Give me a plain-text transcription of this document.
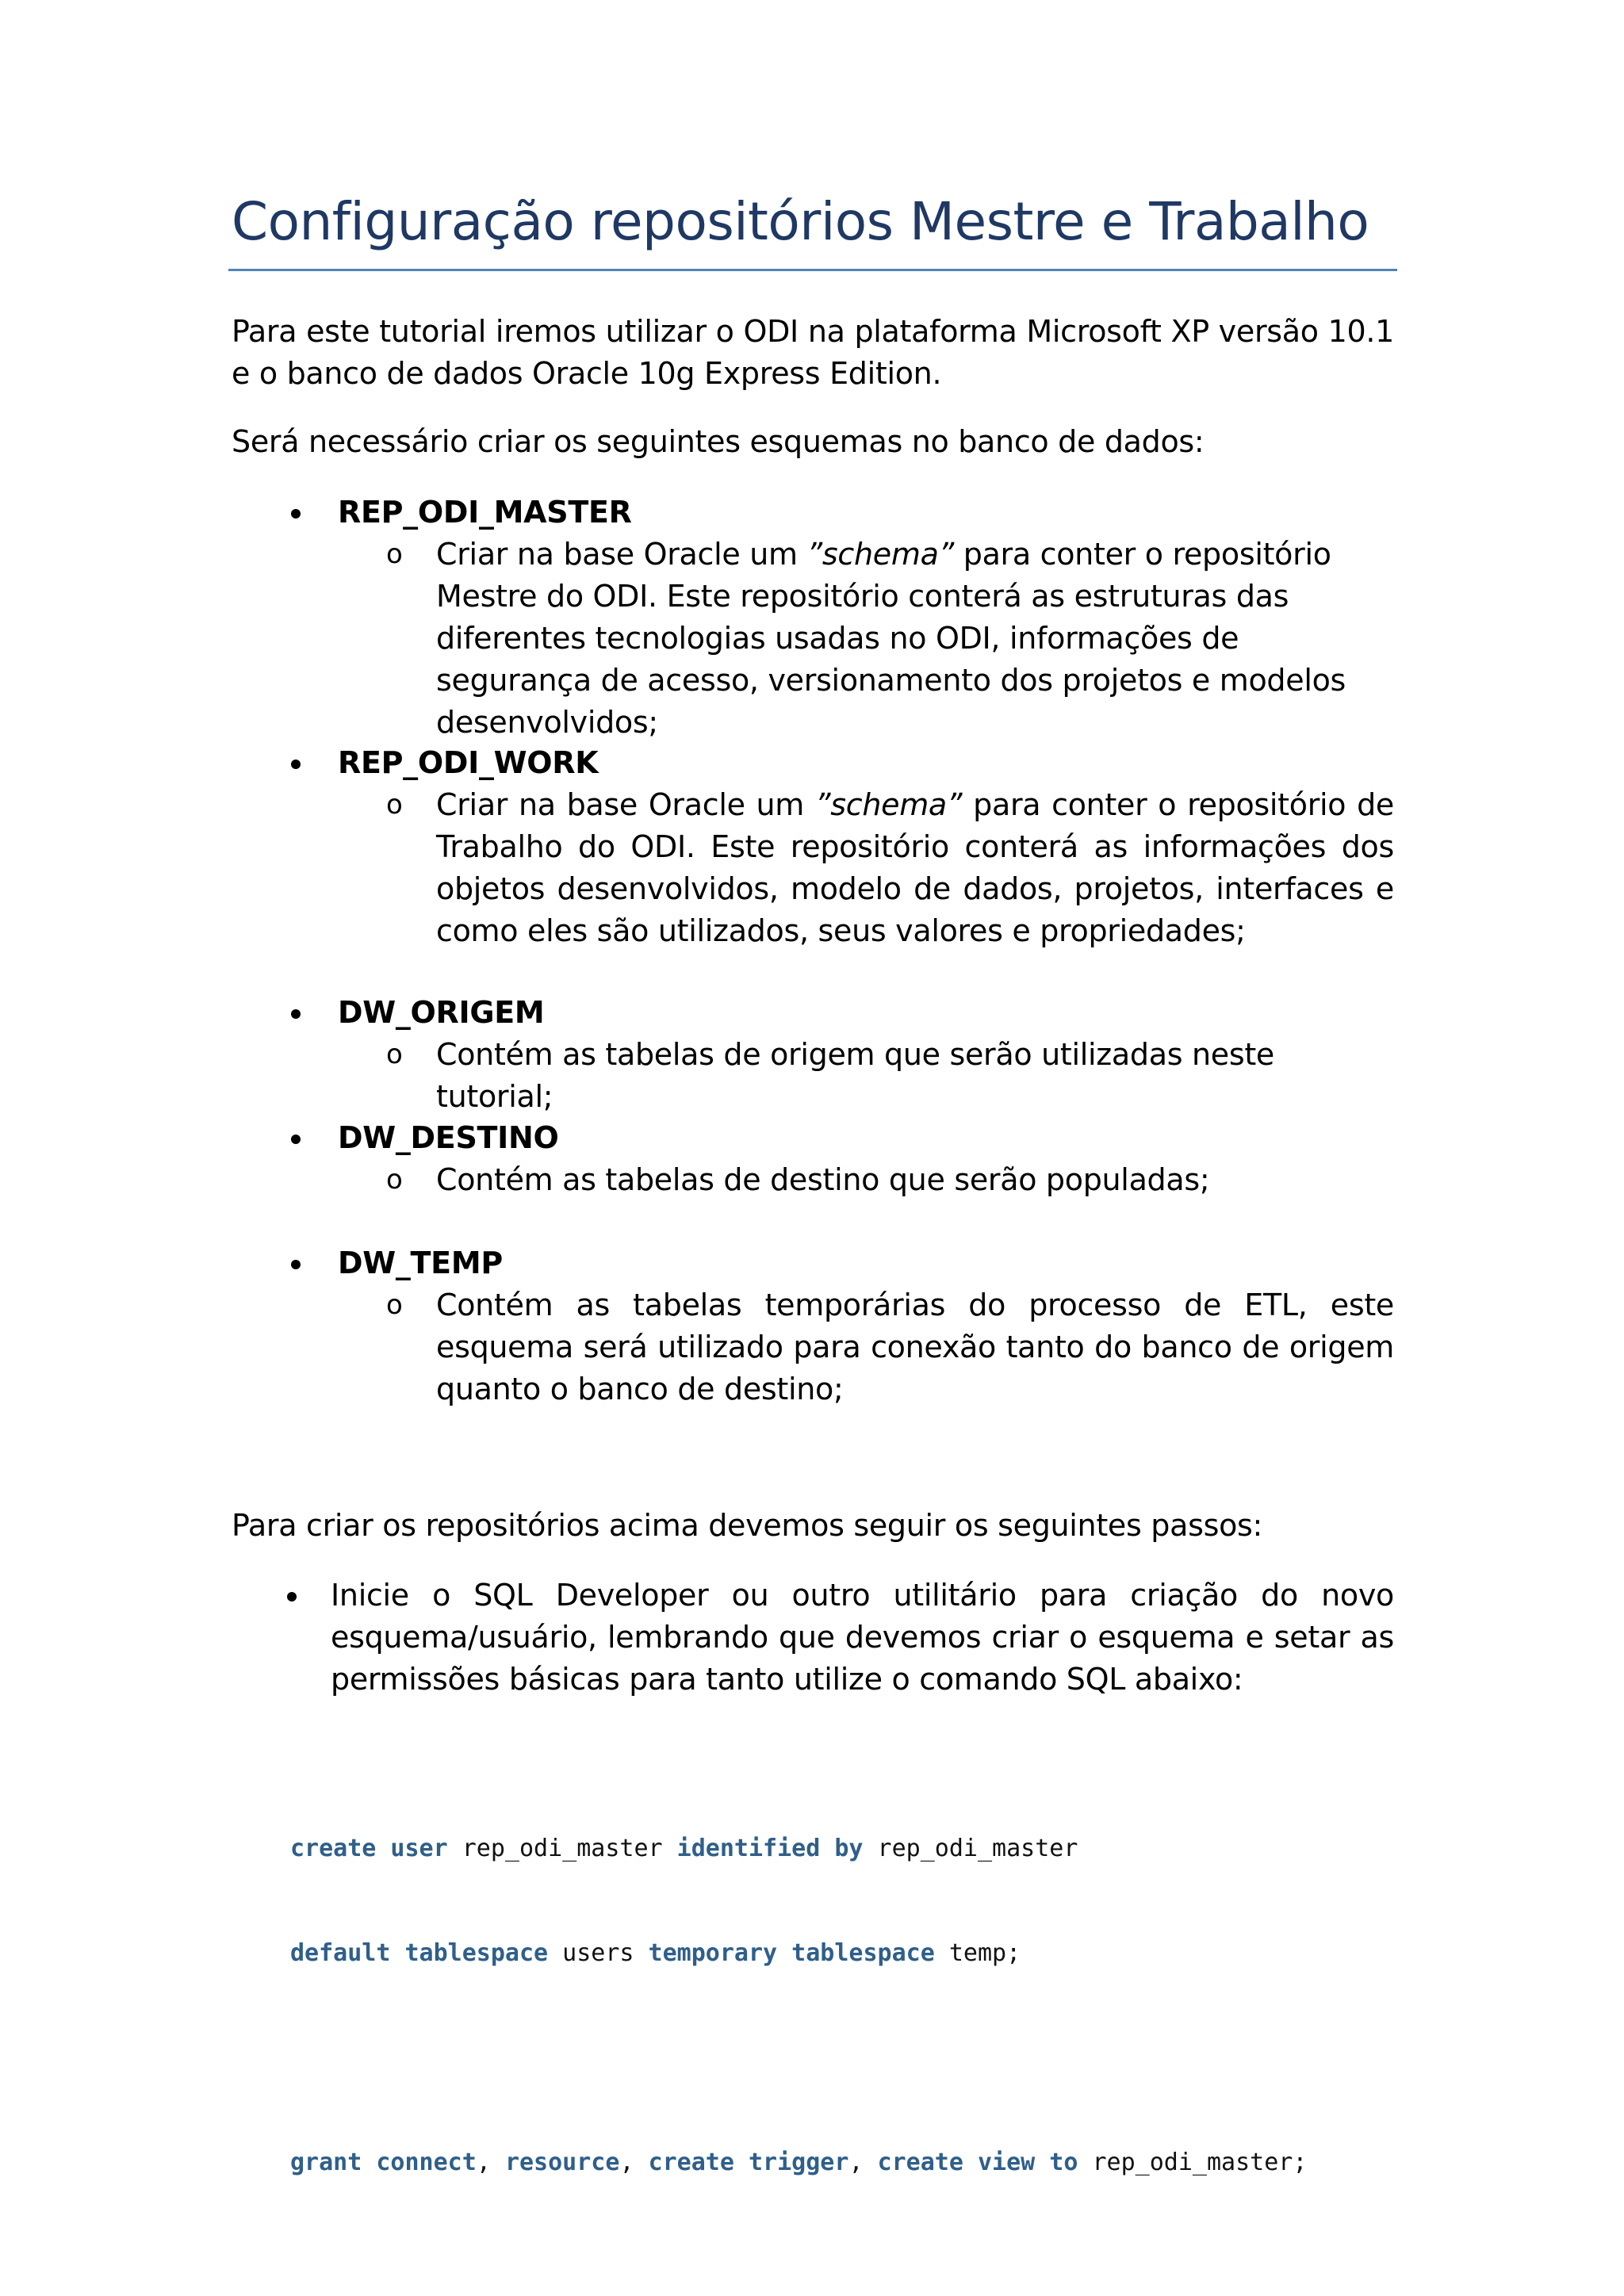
Configuração repositórios Mestre e Trabalho
Para este tutorial iremos utilizar o ODI na plataforma Microsoft XP versão 10.1 e o banco de dados Oracle 10g Express Edition.
Será necessário criar os seguintes esquemas no banco de dados:
REP_ODI_MASTER
o Criar na base Oracle um ”schema” para conter o repositório Mestre do ODI. Este repositório conterá as estruturas das diferentes tecnologias usadas no ODI, informações de segurança de acesso, versionamento dos projetos e modelos desenvolvidos;
REP_ODI_WORK
o Criar na base Oracle um ”schema” para conter o repositório de Trabalho do ODI. Este repositório conterá as informações dos objetos desenvolvidos, modelo de dados, projetos, interfaces e como eles são utilizados, seus valores e propriedades;
DW_ORIGEM
o Contém as tabelas de origem que serão utilizadas neste tutorial;
DW_DESTINO
o Contém as tabelas de destino que serão populadas;
DW_TEMP
o Contém as tabelas temporárias do processo de ETL, este esquema será utilizado para conexão tanto do banco de origem quanto o banco de destino;
Para criar os repositórios acima devemos seguir os seguintes passos:
Inicie o SQL Developer ou outro utilitário para criação do novo esquema/usuário, lembrando que devemos criar o esquema e setar as permissões básicas para tanto utilize o comando SQL abaixo:

create user rep_odi_master identified by rep_odi_master

default tablespace users temporary tablespace temp;

grant connect, resource, create trigger, create view to rep_odi_master;
